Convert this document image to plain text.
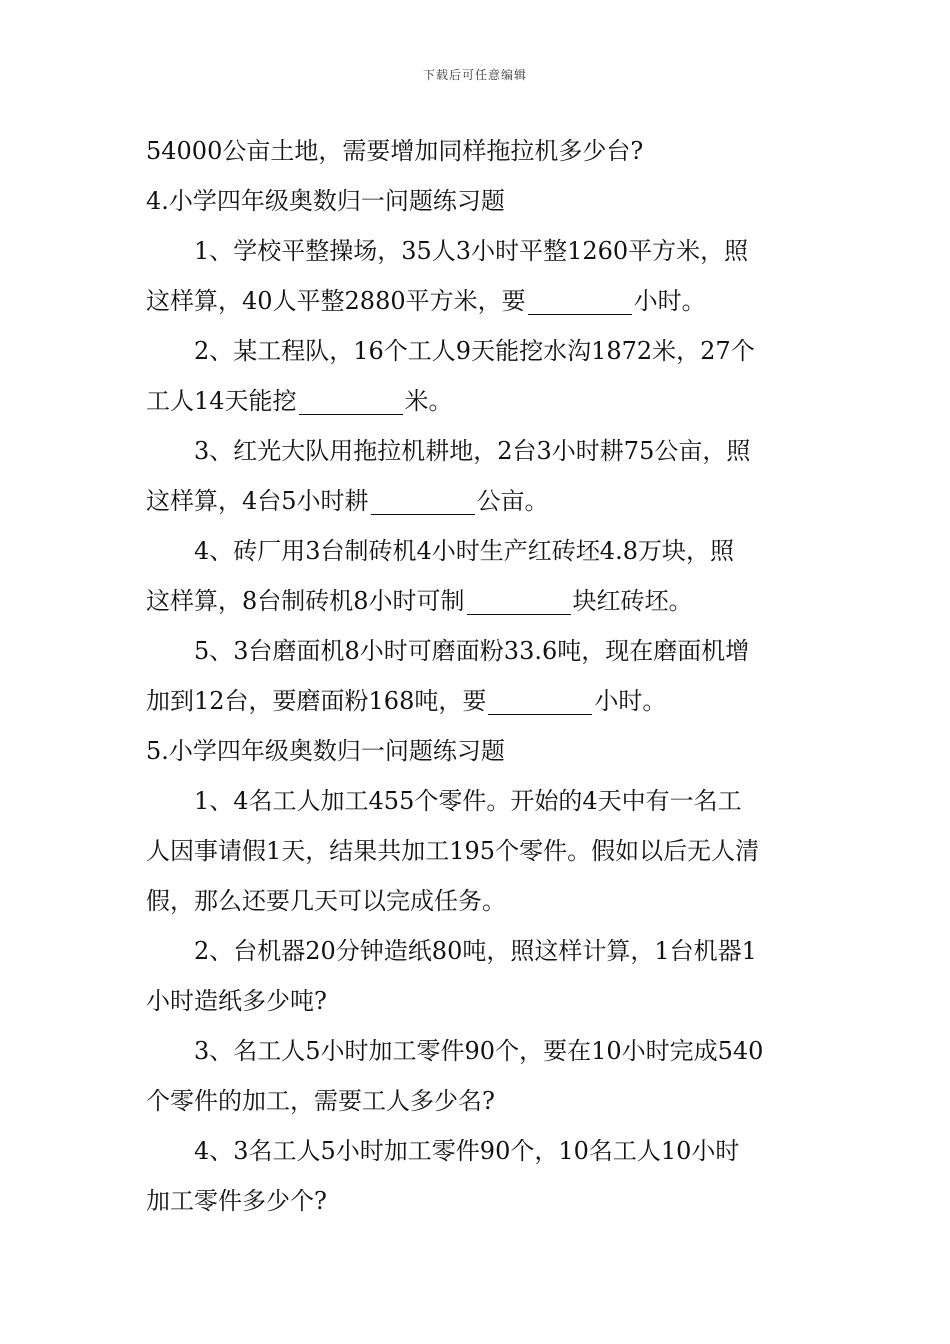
下载后可任意编辑
54000公亩土地，需要增加同样拖拉机多少台?
4.小学四年级奥数归一问题练习题
1、学校平整操场，35人3小时平整1260平方米，照
这样算，40人平整2880平方米，要	小时。
2、某工程队，16个工人9天能挖水沟1872米，27个
工人14天能挖	米。
3、红光大队用拖拉机耕地，2台3小时耕75公亩，照
这样算，4台5小时耕	公亩。
4、砖厂用3台制砖机4小时生产红砖坯4.8万块，照
这样算，8台制砖机8小时可制	块红砖坯。
5、3台磨面机8小时可磨面粉33.6吨，现在磨面机增
加到12台，要磨面粉168吨，要	小时。
5.小学四年级奥数归一问题练习题
1、4名工人加工455个零件。开始的4天中有一名工
人因事请假1天，结果共加工195个零件。假如以后无人清
假，那么还要几天可以完成任务。
2、台机器20分钟造纸80吨，照这样计算，1台机器1
小时造纸多少吨?
3、名工人5小时加工零件90个，要在10小时完成540
个零件的加工，需要工人多少名?
4、3名工人5小时加工零件90个，10名工人10小时
加工零件多少个?
